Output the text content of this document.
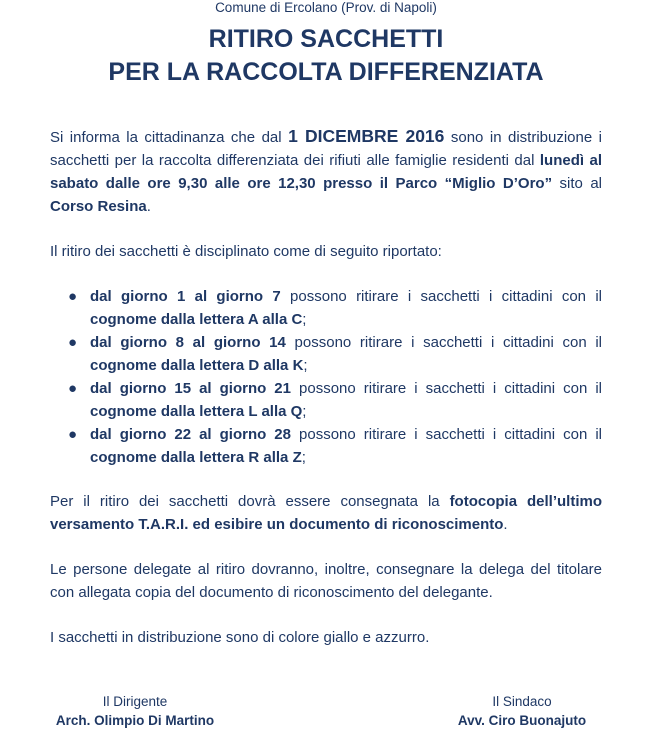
Comune di Ercolano (Prov. di Napoli)
RITIRO SACCHETTI
PER LA RACCOLTA DIFFERENZIATA

Si informa la cittadinanza che dal 1 DICEMBRE 2016 sono in distribuzione i sacchetti per la raccolta differenziata dei rifiuti alle famiglie residenti dal lunedì al sabato dalle ore 9,30 alle ore 12,30 presso il Parco “Miglio D’Oro” sito al Corso Resina.

Il ritiro dei sacchetti è disciplinato come di seguito riportato:

● dal giorno 1 al giorno 7 possono ritirare i sacchetti i cittadini con il cognome dalla lettera A alla C;
● dal giorno 8 al giorno 14 possono ritirare i sacchetti i cittadini con il cognome dalla lettera D alla K;
● dal giorno 15 al giorno 21 possono ritirare i sacchetti i cittadini con il cognome dalla lettera L alla Q;
● dal giorno 22 al giorno 28 possono ritirare i sacchetti i cittadini con il cognome dalla lettera R alla Z;

Per il ritiro dei sacchetti dovrà essere consegnata la fotocopia dell’ultimo versamento T.A.R.I. ed esibire un documento di riconoscimento.

Le persone delegate al ritiro dovranno, inoltre, consegnare la delega del titolare con allegata copia del documento di riconoscimento del delegante.

I sacchetti in distribuzione sono di colore giallo e azzurro.

Il Dirigente
Arch. Olimpio Di Martino
Il Sindaco
Avv. Ciro Buonajuto
